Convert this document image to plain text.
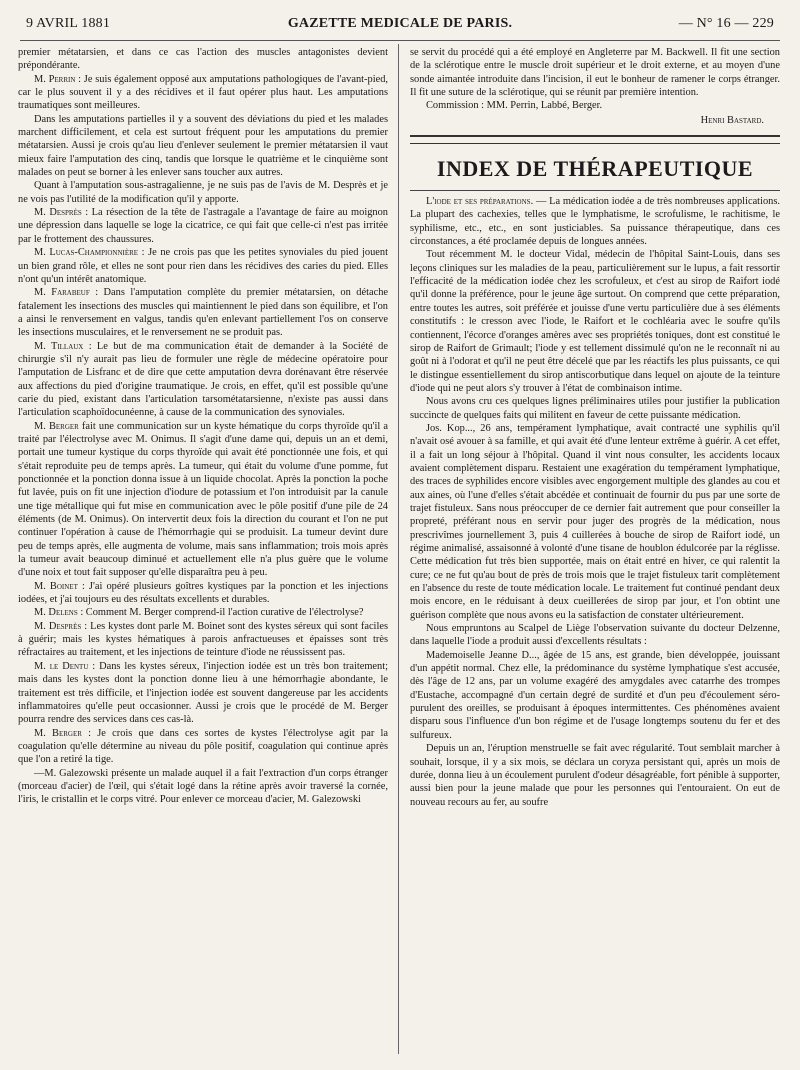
9 AVRIL 1881	GAZETTE MEDICALE DE PARIS.	— N° 16 — 229

premier métatarsien, et dans ce cas l'action des muscles antagonistes devient prépondérante.

M. Perrin : Je suis également opposé aux amputations pathologiques de l'avant-pied, car le plus souvent il y a des récidives et il faut opérer plus haut. Les amputations traumatiques sont meilleures.

Dans les amputations partielles il y a souvent des déviations du pied et les malades marchent difficilement, et cela est surtout fréquent pour les amputations du premier métatarsien. Aussi je crois qu'au lieu d'enlever seulement le premier métatarsien il vaut mieux faire l'amputation des cinq, tandis que lorsque le quatrième et le cinquième sont malades on peut se borner à les enlever sans toucher aux autres.

Quant à l'amputation sous-astragalienne, je ne suis pas de l'avis de M. Desprès et je ne vois pas l'utilité de la modification qu'il y apporte.

M. Desprès : La résection de la tête de l'astragale a l'avantage de faire au moignon une dépression dans laquelle se loge la cicatrice, ce qui fait que celle-ci n'est pas irritée par le frottement des chaussures.

M. Lucas-Championnière : Je ne crois pas que les petites synoviales du pied jouent un bien grand rôle, et elles ne sont pour rien dans les récidives des caries du pied. Elles n'ont qu'un intérêt anatomique.

M. Farabeuf : Dans l'amputation complète du premier métatarsien, on détache fatalement les insections des muscles qui maintiennent le pied dans son équilibre, et l'on a ainsi le renversement en valgus, tandis qu'en enlevant partiellement l'os on conserve les insections musculaires, et le renversement ne se produit pas.

M. Tillaux : Le but de ma communication était de demander à la Société de chirurgie s'il n'y aurait pas lieu de formuler une règle de médecine opératoire pour l'amputation de Lisfranc et de dire que cette amputation devra dorénavant être réservée aux affections du pied d'origine traumatique. Je crois, en effet, qu'il est possible qu'une carie du pied, existant dans l'articulation tarsométatarsienne, n'existe pas aussi dans l'articulation scaphoïdocunéenne, à cause de la communication des synoviales.

M. Berger fait une communication sur un kyste hématique du corps thyroïde qu'il a traité par l'électrolyse avec M. Onimus. Il s'agit d'une dame qui, depuis un an et demi, portait une tumeur kystique du corps thyroïde qui avait été ponctionnée une fois, et qui s'était reproduite peu de temps après. La tumeur, qui était du volume d'une pomme, fut ponctionnée et la ponction donna issue à un liquide chocolat. Après la ponction la poche fut lavée, puis on fit une injection d'iodure de potassium et l'on introduisit par la canule une tige métallique qui fut mise en communication avec le pôle positif d'une pile de 24 éléments (de M. Onimus). On intervertit deux fois la direction du courant et l'on ne put continuer l'opération à cause de l'hémorrhagie qui se produisit. La tumeur devint dure peu de temps après, elle augmenta de volume, mais sans inflammation; trois mois après la tumeur avait beaucoup diminué et actuellement elle n'a plus guère que le volume d'une noix et tout fait supposer qu'elle disparaîtra peu à peu.

M. Boinet : J'ai opéré plusieurs goîtres kystiques par la ponction et les injections iodées, et j'ai toujours eu des résultats excellents et durables.

M. Delens : Comment M. Berger comprend-il l'action curative de l'électrolyse?

M. Desprès : Les kystes dont parle M. Boinet sont des kystes séreux qui sont faciles à guérir; mais les kystes hématiques à parois anfractueuses et épaisses sont très réfractaires au traitement, et les injections de teinture d'iode ne réussissent pas.

M. le Dentu : Dans les kystes séreux, l'injection iodée est un très bon traitement; mais dans les kystes dont la ponction donne lieu à une hémorrhagie abondante, le traitement est très difficile, et l'injection iodée est souvent dangereuse par les accidents inflammatoires qu'elle peut occasionner. Aussi je crois que le procédé de M. Berger pourra rendre des services dans ces cas-là.

M. Berger : Je crois que dans ces sortes de kystes l'électrolyse agit par la coagulation qu'elle détermine au niveau du pôle positif, coagulation qui continue après que l'on a retiré la tige.

—M. Galezowski présente un malade auquel il a fait l'extraction d'un corps étranger (morceau d'acier) de l'œil, qui s'était logé dans la rétine après avoir traversé la cornée, l'iris, le cristallin et le corps vitré. Pour enlever ce morceau d'acier, M. Galezowski

se servit du procédé qui a été employé en Angleterre par M. Backwell. Il fit une section de la sclérotique entre le muscle droit supérieur et le droit externe, et au moyen d'une sonde aimantée introduite dans l'incision, il eut le bonheur de ramener le corps étranger. Il fit une suture de la sclérotique, qui se réunit par première intention.

Commission : MM. Perrin, Labbé, Berger.

Henri Bastard.
INDEX DE THÉRAPEUTIQUE

L'iode et ses préparations. — La médication iodée a de très nombreuses applications. La plupart des cachexies, telles que le lymphatisme, le scrofulisme, le rachitisme, le syphilisme, etc., etc., en sont justiciables. Sa puissance thérapeutique, dans ces circonstances, a été proclamée depuis de longues années.

Tout récemment M. le docteur Vidal, médecin de l'hôpital Saint-Louis, dans ses leçons cliniques sur les maladies de la peau, particulièrement sur le lupus, a fait ressortir l'efficacité de la médication iodée chez les scrofuleux, et c'est au sirop de Raifort iodé qu'il donne la préférence, pour le jeune âge surtout. On comprend que cette préparation, entre toutes les autres, soit préférée et jouisse d'une vertu particulière due à ses éléments constitutifs : le cresson avec l'iode, le Raifort et le cochléaria avec le soufre qu'ils contiennent, l'écorce d'oranges amères avec ses propriétés toniques, dont est constitué le sirop de Raifort de Grimault; l'iode y est tellement dissimulé qu'on ne le reconnaît ni au goût ni à l'odorat et qu'il ne peut être décelé que par les réactifs les plus puissants, ce qui le distingue essentiellement du sirop antiscorbutique dans lequel on ajoute de la teinture d'iode qui ne peut alors s'y trouver à l'état de combinaison intime.

Nous avons cru ces quelques lignes préliminaires utiles pour justifier la publication succincte de quelques faits qui militent en faveur de cette puissante médication.

Jos. Kop..., 26 ans, tempérament lymphatique, avait contracté une syphilis qu'il n'avait osé avouer à sa famille, et qui avait été d'une lenteur extrême à guérir. A cet effet, il a fait un long séjour à l'hôpital. Quand il vint nous consulter, les accidents locaux avaient complètement disparu. Restaient une exagération du tempérament lymphatique, des traces de syphilides encore visibles avec engorgement multiple des glandes au cou et aux aines, où l'une d'elles s'était abcédée et continuait de fournir du pus par une sorte de trajet fistuleux. Sans nous préoccuper de ce dernier fait autrement que pour conseiller la propreté, préférant nous en servir pour juger des progrès de la médication, nous prescrivîmes journellement 3, puis 4 cuillerées à bouche de sirop de Raifort iodé, un régime animalisé, assaisonné à volonté d'une tisane de houblon édulcorée par la réglisse. Cette médication fut très bien supportée, mais on était entré en hiver, ce qui ralentit la cure; ce ne fut qu'au bout de près de trois mois que le trajet fistuleux tarit complètement en l'absence du reste de toute médication locale. Le traitement fut continué pendant deux mois encore, en le réduisant à deux cueillerées de sirop par jour, et l'on obtint une guérison complète que nous avons eu la satisfaction de constater ultérieurement.

Nous empruntons au Scalpel de Liège l'observation suivante du docteur Delzenne, dans laquelle l'iode a produit aussi d'excellents résultats :

Mademoiselle Jeanne D..., âgée de 15 ans, est grande, bien développée, jouissant d'un appétit normal. Chez elle, la prédominance du système lymphatique s'est accusée, dès l'âge de 12 ans, par un volume exagéré des amygdales avec catarrhe des trompes d'Eustache, accompagné d'un certain degré de surdité et d'un peu d'écoulement séro-purulent des oreilles, se produisant à époques intermittentes. Ces phénomènes avaient disparu sous l'influence d'un bon régime et de l'usage longtemps soutenu du fer et des sulfureux.

Depuis un an, l'éruption menstruelle se fait avec régularité. Tout semblait marcher à souhait, lorsque, il y a six mois, se déclara un coryza persistant qui, après un mois de durée, donna lieu à un écoulement purulent d'odeur désagréable, fort pénible à supporter, aussi bien pour la jeune malade que pour les personnes qui l'entouraient. On eut de nouveau recours au fer, au soufre
